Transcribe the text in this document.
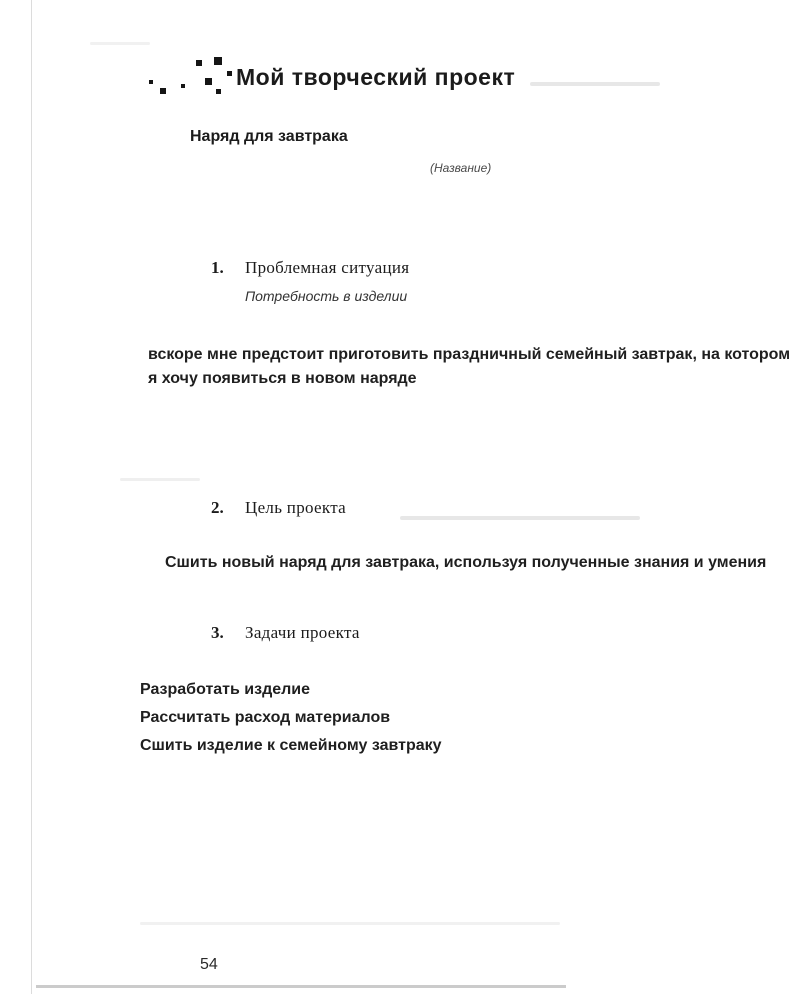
Мой творческий проект
Наряд для завтрака
(Название)
1.	Проблемная ситуация
Потребность в изделии
вскоре мне предстоит приготовить праздничный семейный завтрак, на котором я хочу появиться в новом наряде
2.	Цель проекта
Сшить новый наряд для завтрака, используя полученные знания и умения
3.	Задачи проекта
Разработать изделие
Рассчитать расход материалов
Сшить изделие к семейному завтраку
54
